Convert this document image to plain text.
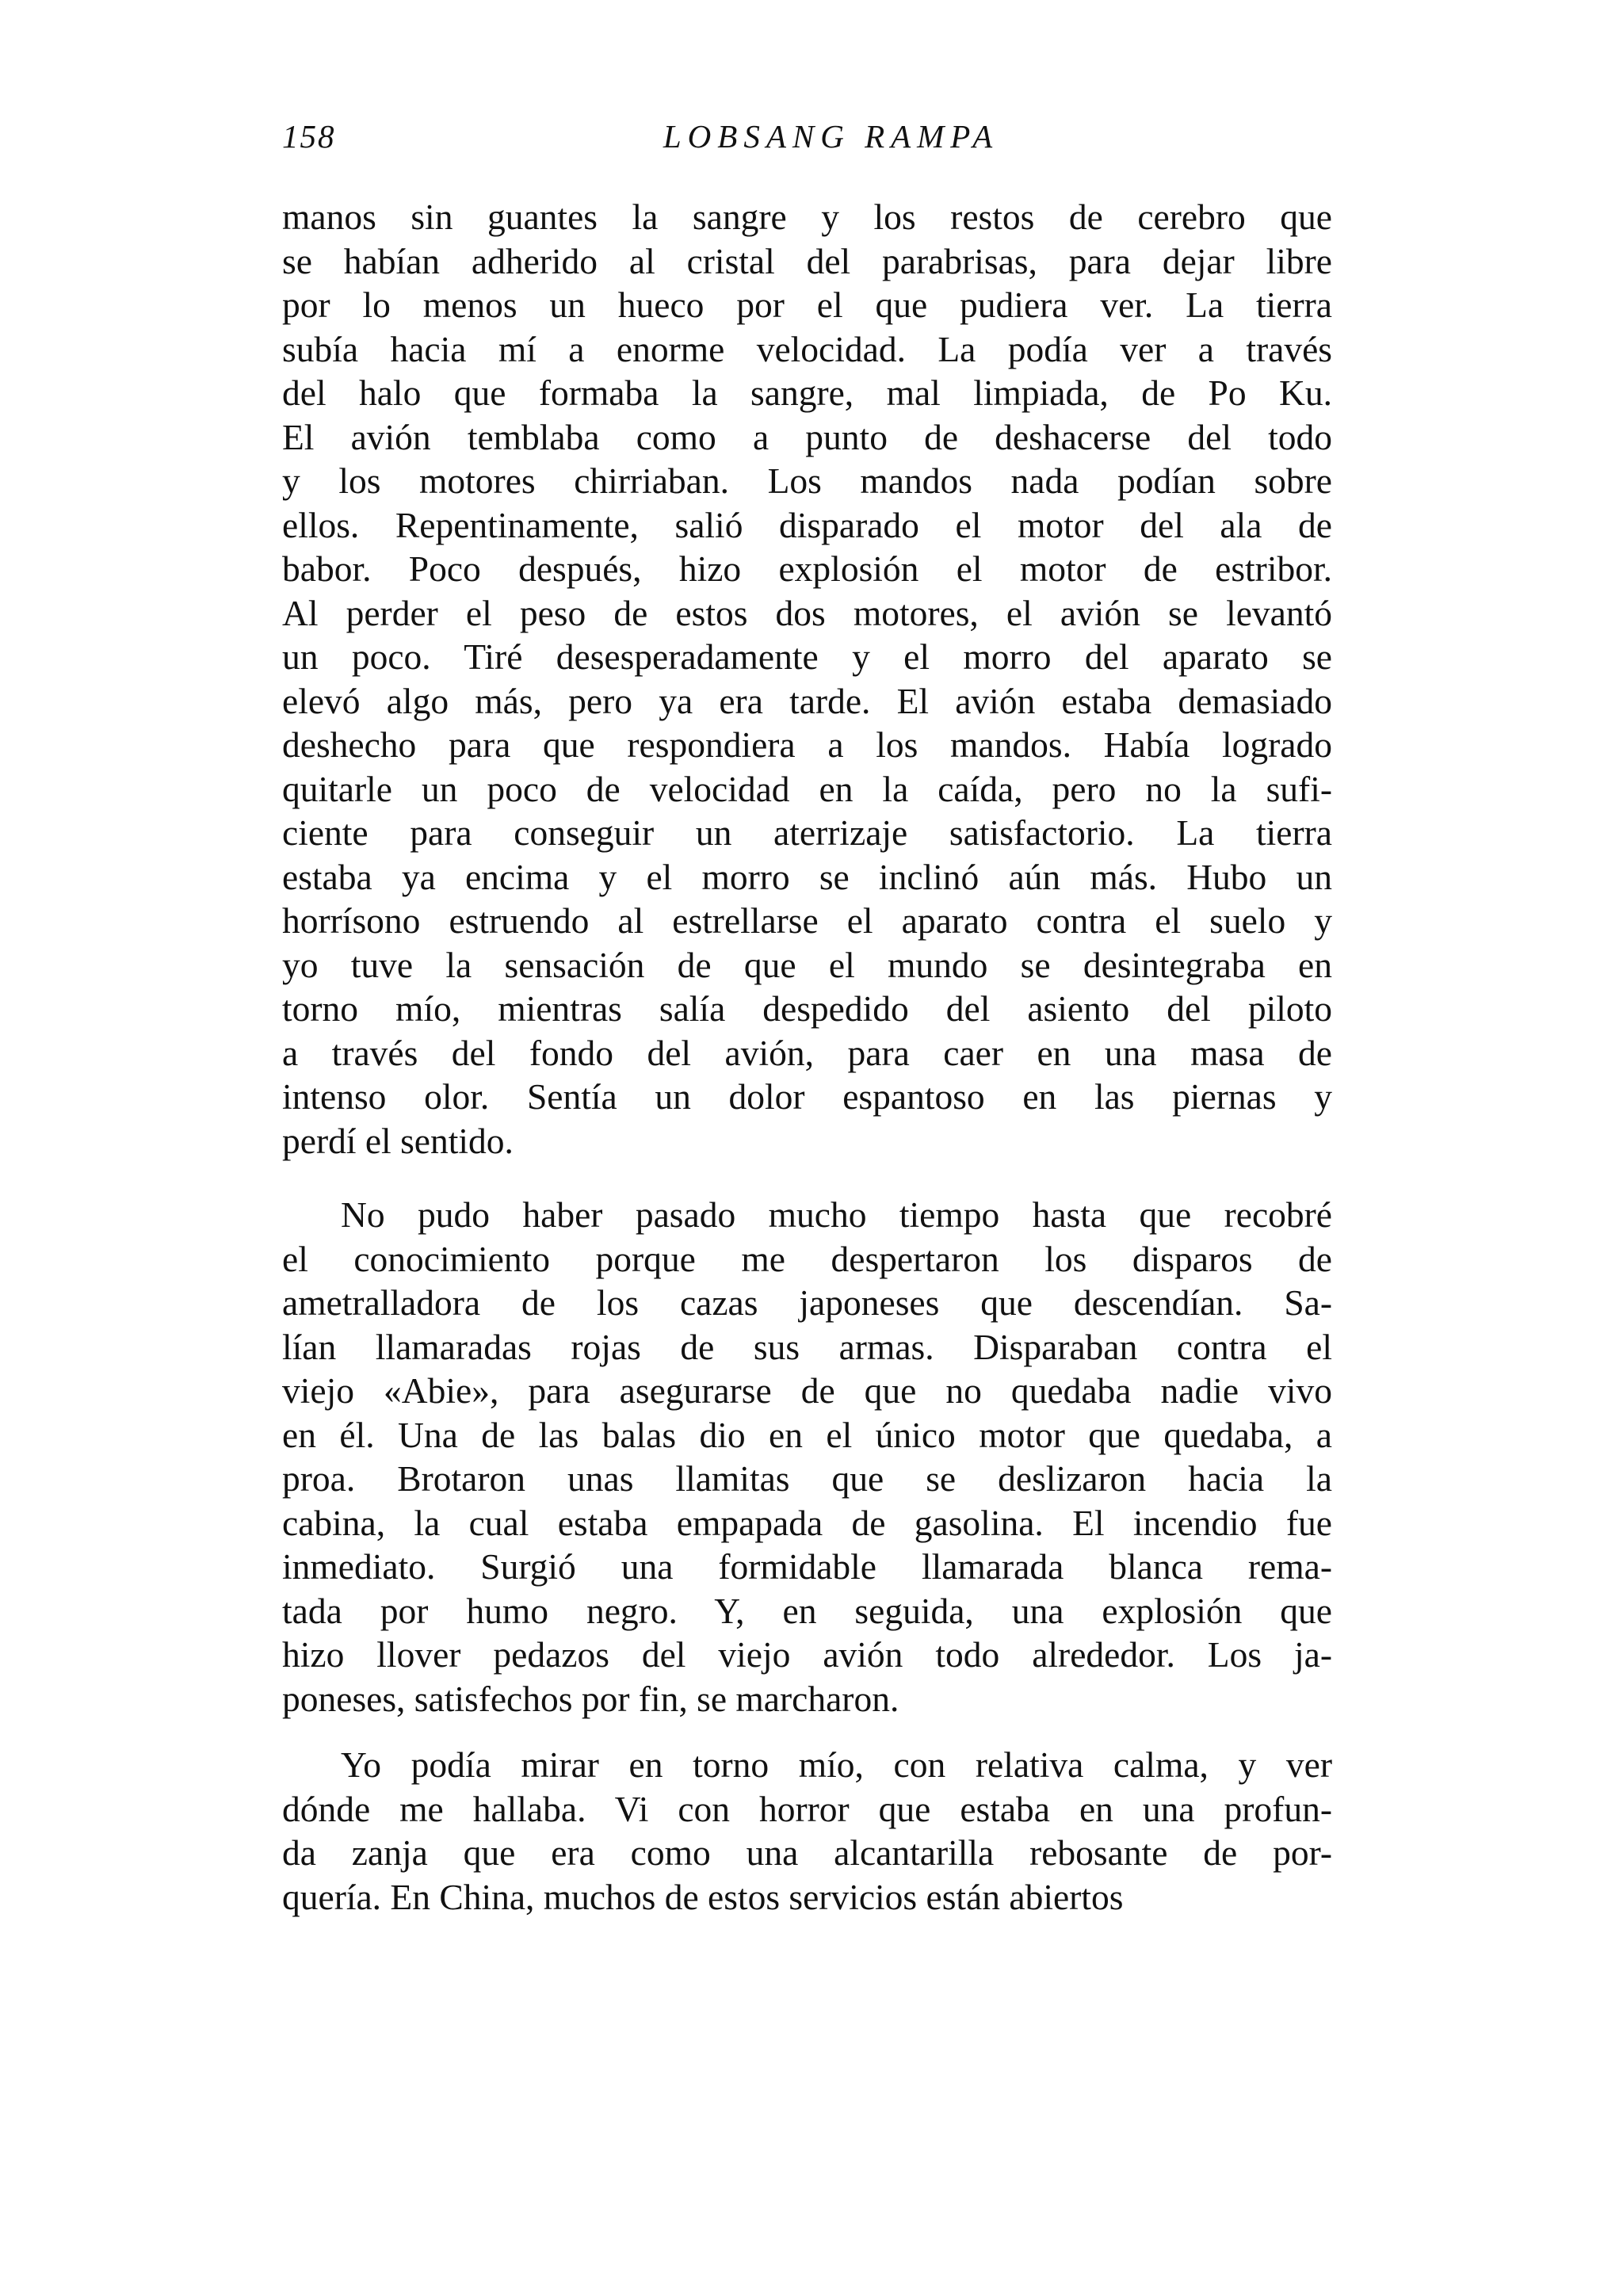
158	LOBSANG RAMPA

manos sin guantes la sangre y los restos de cerebro que
se habían adherido al cristal del parabrisas, para dejar libre
por lo menos un hueco por el que pudiera ver. La tierra
subía hacia mí a enorme velocidad. La podía ver a través
del halo que formaba la sangre, mal limpiada, de Po Ku.
El avión temblaba como a punto de deshacerse del todo
y los motores chirriaban. Los mandos nada podían sobre
ellos. Repentinamente, salió disparado el motor del ala de
babor. Poco después, hizo explosión el motor de estribor.
Al perder el peso de estos dos motores, el avión se levantó
un poco. Tiré desesperadamente y el morro del aparato se
elevó algo más, pero ya era tarde. El avión estaba demasiado
deshecho para que respondiera a los mandos. Había logrado
quitarle un poco de velocidad en la caída, pero no la sufi-
ciente para conseguir un aterrizaje satisfactorio. La tierra
estaba ya encima y el morro se inclinó aún más. Hubo un
horrísono estruendo al estrellarse el aparato contra el suelo y
yo tuve la sensación de que el mundo se desintegraba en
torno mío, mientras salía despedido del asiento del piloto
a través del fondo del avión, para caer en una masa de
intenso olor. Sentía un dolor espantoso en las piernas y
perdí el sentido.

No pudo haber pasado mucho tiempo hasta que recobré
el conocimiento porque me despertaron los disparos de
ametralladora de los cazas japoneses que descendían. Sa-
lían llamaradas rojas de sus armas. Disparaban contra el
viejo «Abie», para asegurarse de que no quedaba nadie vivo
en él. Una de las balas dio en el único motor que quedaba, a
proa. Brotaron unas llamitas que se deslizaron hacia la
cabina, la cual estaba empapada de gasolina. El incendio fue
inmediato. Surgió una formidable llamarada blanca rema-
tada por humo negro. Y, en seguida, una explosión que
hizo llover pedazos del viejo avión todo alrededor. Los ja-
poneses, satisfechos por fin, se marcharon.

Yo podía mirar en torno mío, con relativa calma, y ver
dónde me hallaba. Vi con horror que estaba en una profun-
da zanja que era como una alcantarilla rebosante de por-
quería. En China, muchos de estos servicios están abiertos
